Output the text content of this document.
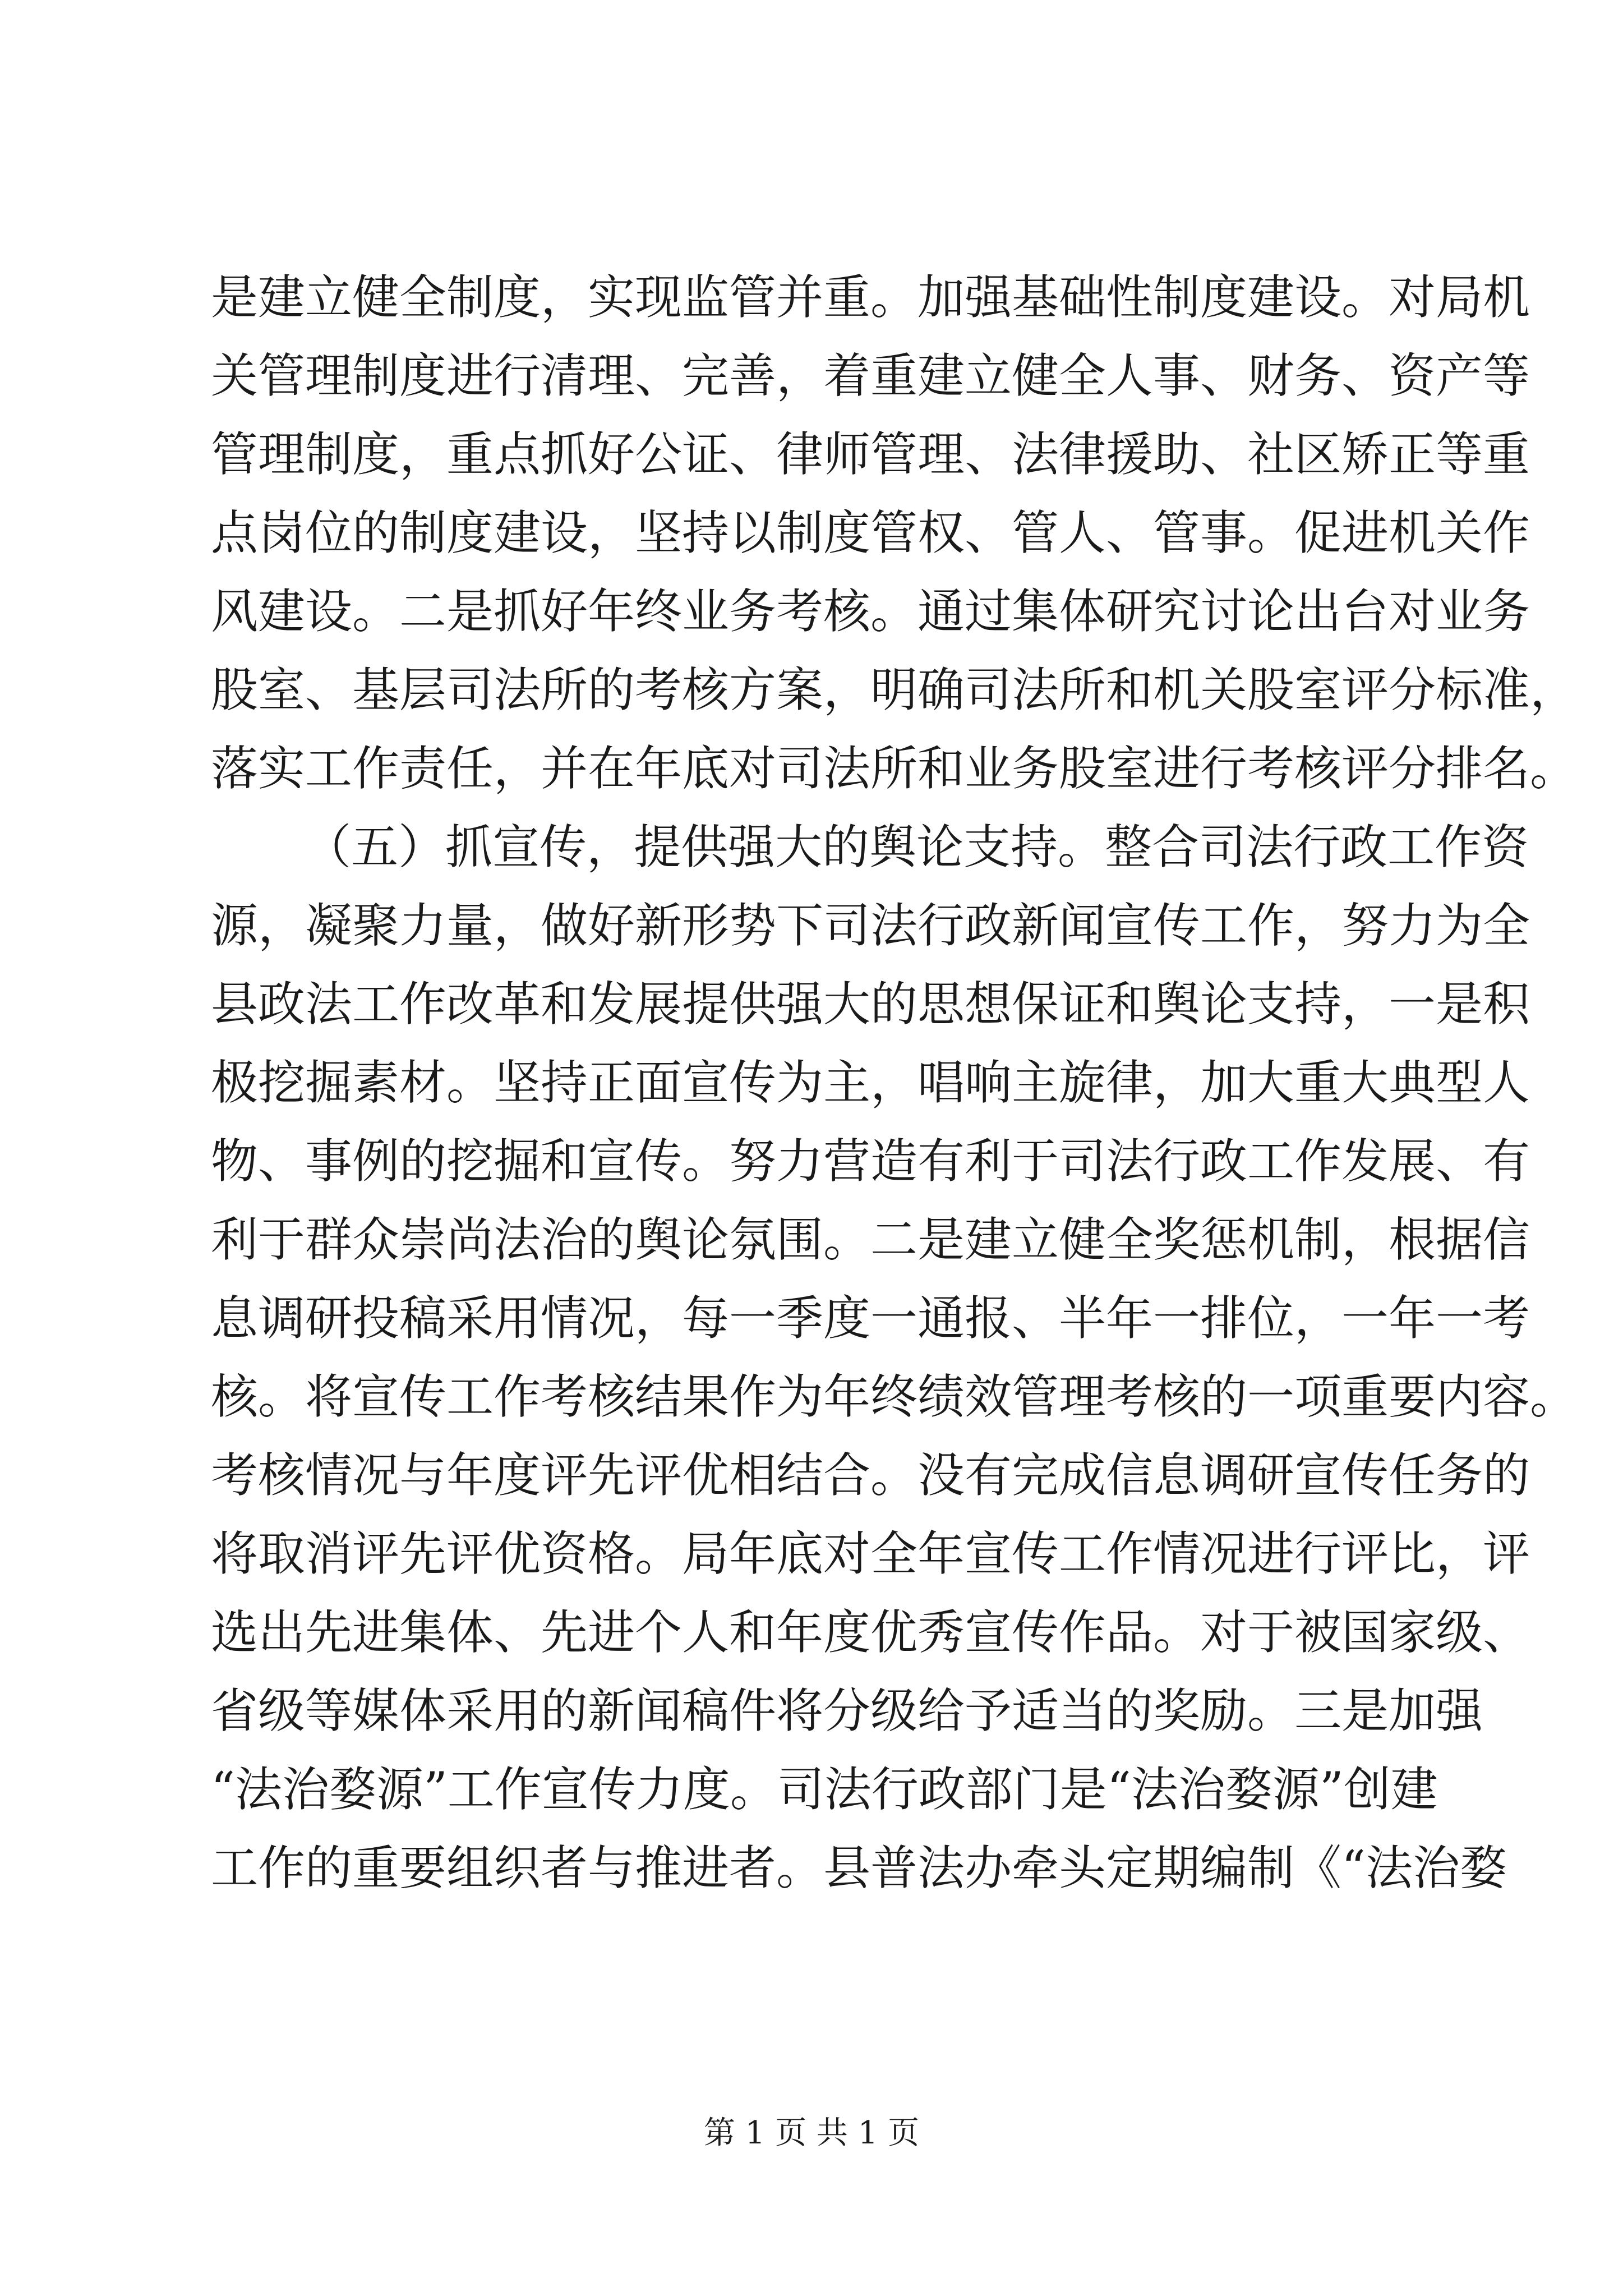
是建立健全制度，实现监管并重。加强基础性制度建设。对局机
关管理制度进行清理、完善，着重建立健全人事、财务、资产等
管理制度，重点抓好公证、律师管理、法律援助、社区矫正等重
点岗位的制度建设，坚持以制度管权、管人、管事。促进机关作
风建设。二是抓好年终业务考核。通过集体研究讨论出台对业务
股室、基层司法所的考核方案，明确司法所和机关股室评分标准，
落实工作责任，并在年底对司法所和业务股室进行考核评分排名。
（五）抓宣传，提供强大的舆论支持。整合司法行政工作资
源，凝聚力量，做好新形势下司法行政新闻宣传工作，努力为全
县政法工作改革和发展提供强大的思想保证和舆论支持，一是积
极挖掘素材。坚持正面宣传为主，唱响主旋律，加大重大典型人
物、事例的挖掘和宣传。努力营造有利于司法行政工作发展、有
利于群众崇尚法治的舆论氛围。二是建立健全奖惩机制，根据信
息调研投稿采用情况，每一季度一通报、半年一排位，一年一考
核。将宣传工作考核结果作为年终绩效管理考核的一项重要内容。
考核情况与年度评先评优相结合。没有完成信息调研宣传任务的
将取消评先评优资格。局年底对全年宣传工作情况进行评比，评
选出先进集体、先进个人和年度优秀宣传作品。对于被国家级、
省级等媒体采用的新闻稿件将分级给予适当的奖励。三是加强
“法治婺源”工作宣传力度。司法行政部门是“法治婺源”创建
工作的重要组织者与推进者。县普法办牵头定期编制《“法治婺
第 1 页 共 1 页
